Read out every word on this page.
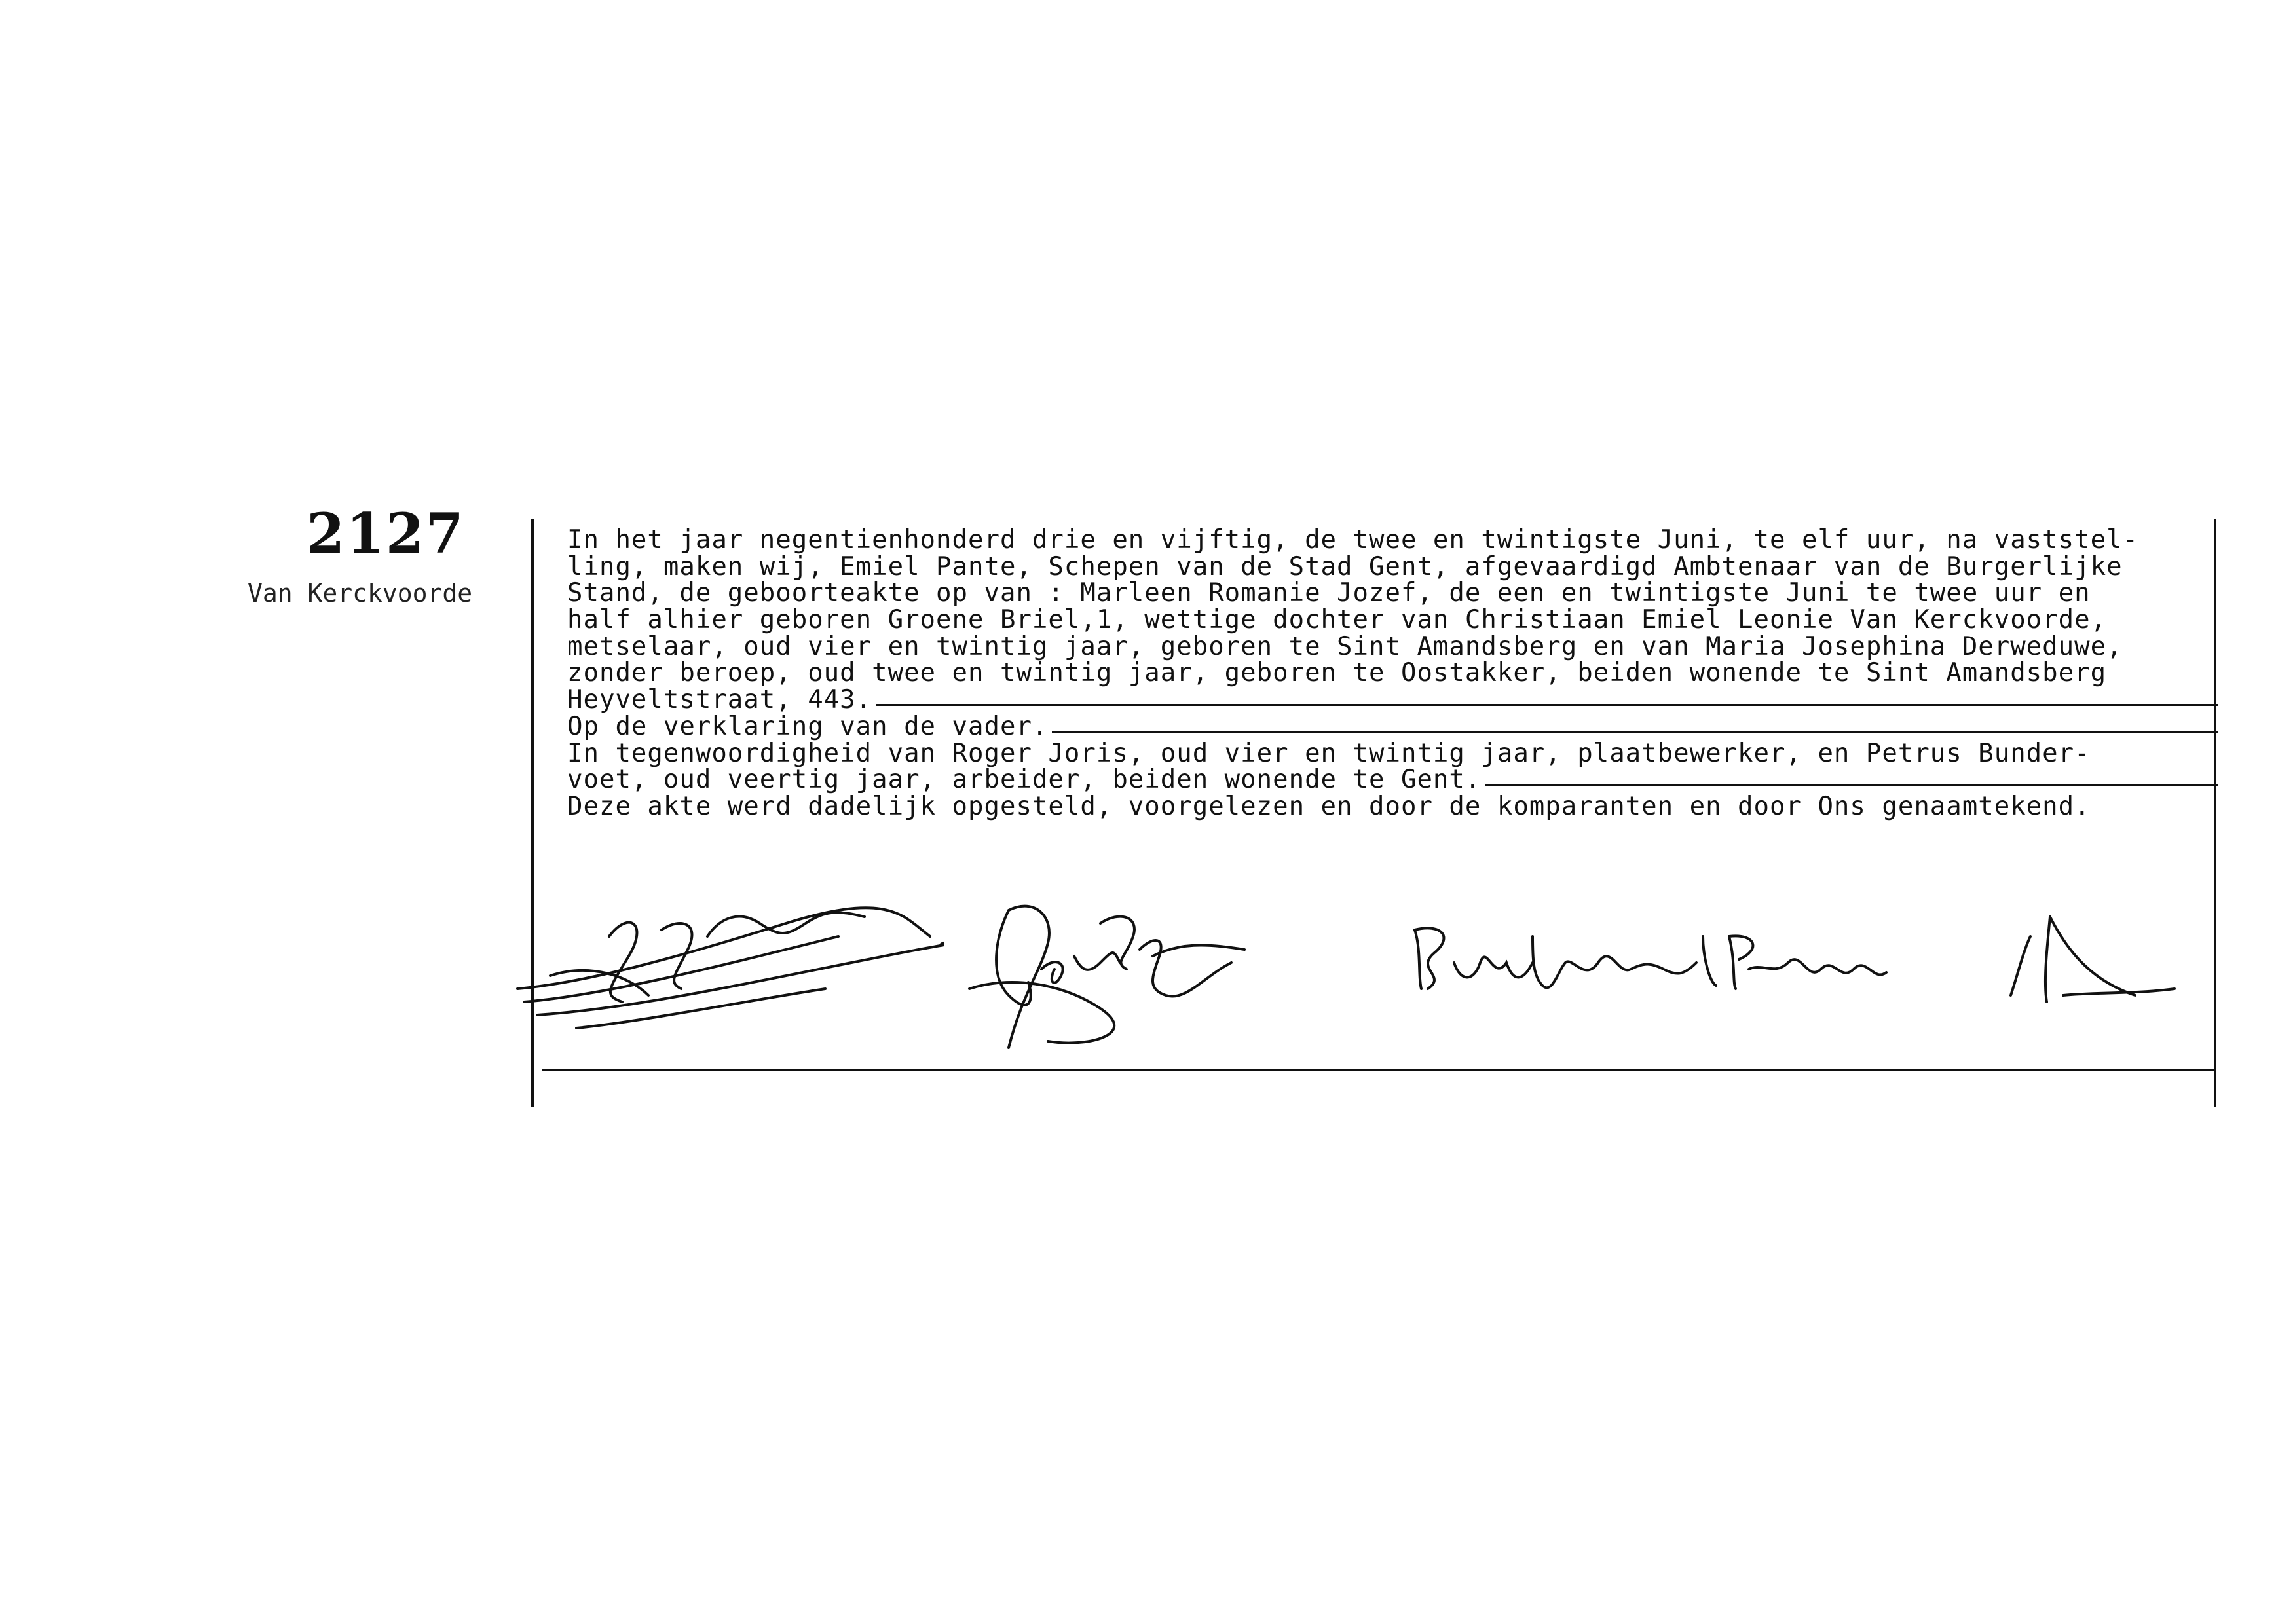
2127
Van Kerckvoorde
In het jaar negentienhonderd drie en vijftig, de twee en twintigste Juni, te elf uur, na vaststel-
ling, maken wij, Emiel Pante, Schepen van de Stad Gent, afgevaardigd Ambtenaar van de Burgerlijke
Stand, de geboorteakte op van : Marleen Romanie Jozef, de een en twintigste Juni te twee uur en
half alhier geboren Groene Briel,1, wettige dochter van Christiaan Emiel Leonie Van Kerckvoorde,
metselaar, oud vier en twintig jaar, geboren te Sint Amandsberg en van Maria Josephina Derweduwe,
zonder beroep, oud twee en twintig jaar, geboren te Oostakker, beiden wonende te Sint Amandsberg
Heyveltstraat, 443.
Op de verklaring van de vader.
In tegenwoordigheid van Roger Joris, oud vier en twintig jaar, plaatbewerker, en Petrus Bunder-
voet, oud veertig jaar, arbeider, beiden wonende te Gent.
Deze akte werd dadelijk opgesteld, voorgelezen en door de komparanten en door Ons genaamtekend.
